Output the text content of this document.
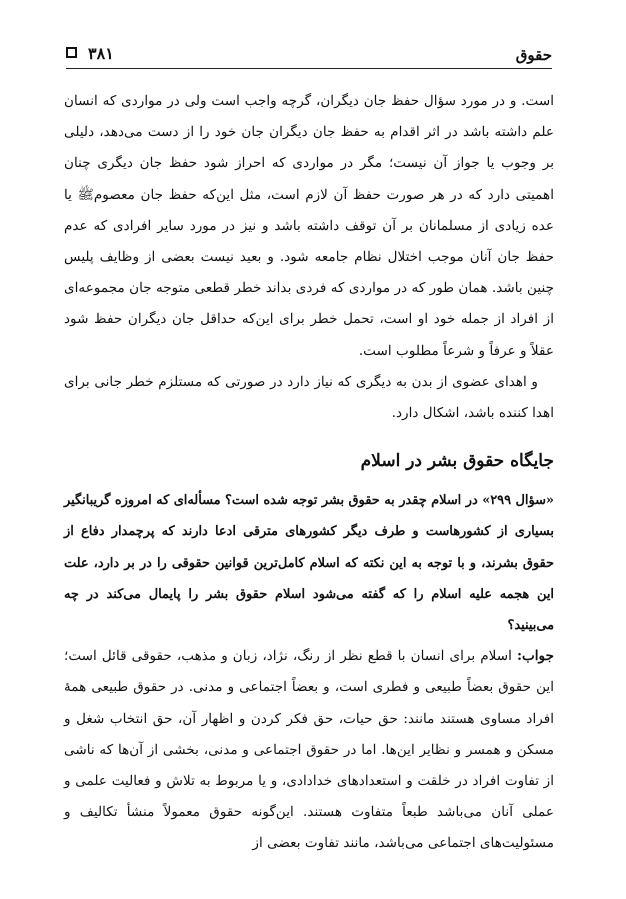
حقوق
۳۸۱

است. و در مورد سؤال حفظ جان دیگران، گرچه واجب است ولی در مواردی که انسان علم داشته باشد در اثر اقدام به حفظ جان دیگران جان خود را از دست می‌دهد، دلیلی بر وجوب یا جواز آن نیست؛ مگر در مواردی که احراز شود حفظ جان دیگری چنان اهمیتی دارد که در هر صورت حفظ آن لازم است، مثل این‌که حفظ جان معصوم‌ﷺ یا عده زیادی از مسلمانان بر آن توقف داشته باشد و نیز در مورد سایر افرادی که عدم حفظ جان آنان موجب اختلال نظام جامعه شود. و بعید نیست بعضی از وظایف پلیس چنین باشد. همان طور که در مواردی که فردی بداند خطر قطعی متوجه جان مجموعه‌ای از افراد از جمله خود او است، تحمل خطر برای این‌که حداقل جان دیگران حفظ شود عقلاً و عرفاً و شرعاً مطلوب است.

و اهدای عضوی از بدن به دیگری که نیاز دارد در صورتی که مستلزم خطر جانی برای اهدا کننده باشد، اشکال دارد.

جایگاه حقوق بشر در اسلام

«سؤال ۲۹۹» در اسلام چقدر به حقوق بشر توجه شده است؟ مسأله‌ای که امروزه گریبانگیر بسیاری از کشورهاست و طرف دیگر کشورهای مترقی ادعا دارند که پرچمدار دفاع از حقوق بشرند، و با توجه به این نکته که اسلام کامل‌ترین قوانین حقوقی را در بر دارد، علت این هجمه علیه اسلام را که گفته می‌شود اسلام حقوق بشر را پایمال می‌کند در چه می‌بینید؟

جواب: اسلام برای انسان با قطع نظر از رنگ، نژاد، زبان و مذهب، حقوقی قائل است؛ این حقوق بعضاً طبیعی و فطری است، و بعضاً اجتماعی و مدنی. در حقوق طبیعی همهٔ افراد مساوی هستند مانند: حق حیات، حق فکر کردن و اظهار آن، حق انتخاب شغل و مسکن و همسر و نظایر این‌ها. اما در حقوق اجتماعی و مدنی، بخشی از آن‌ها که ناشی از تفاوت افراد در خلقت و استعدادهای خدادادی، و یا مربوط به تلاش و فعالیت علمی و عملی آنان می‌باشد طبعاً متفاوت هستند. این‌گونه حقوق معمولاً منشأ تکالیف و مسئولیت‌های اجتماعی می‌باشد، مانند تفاوت بعضی از
